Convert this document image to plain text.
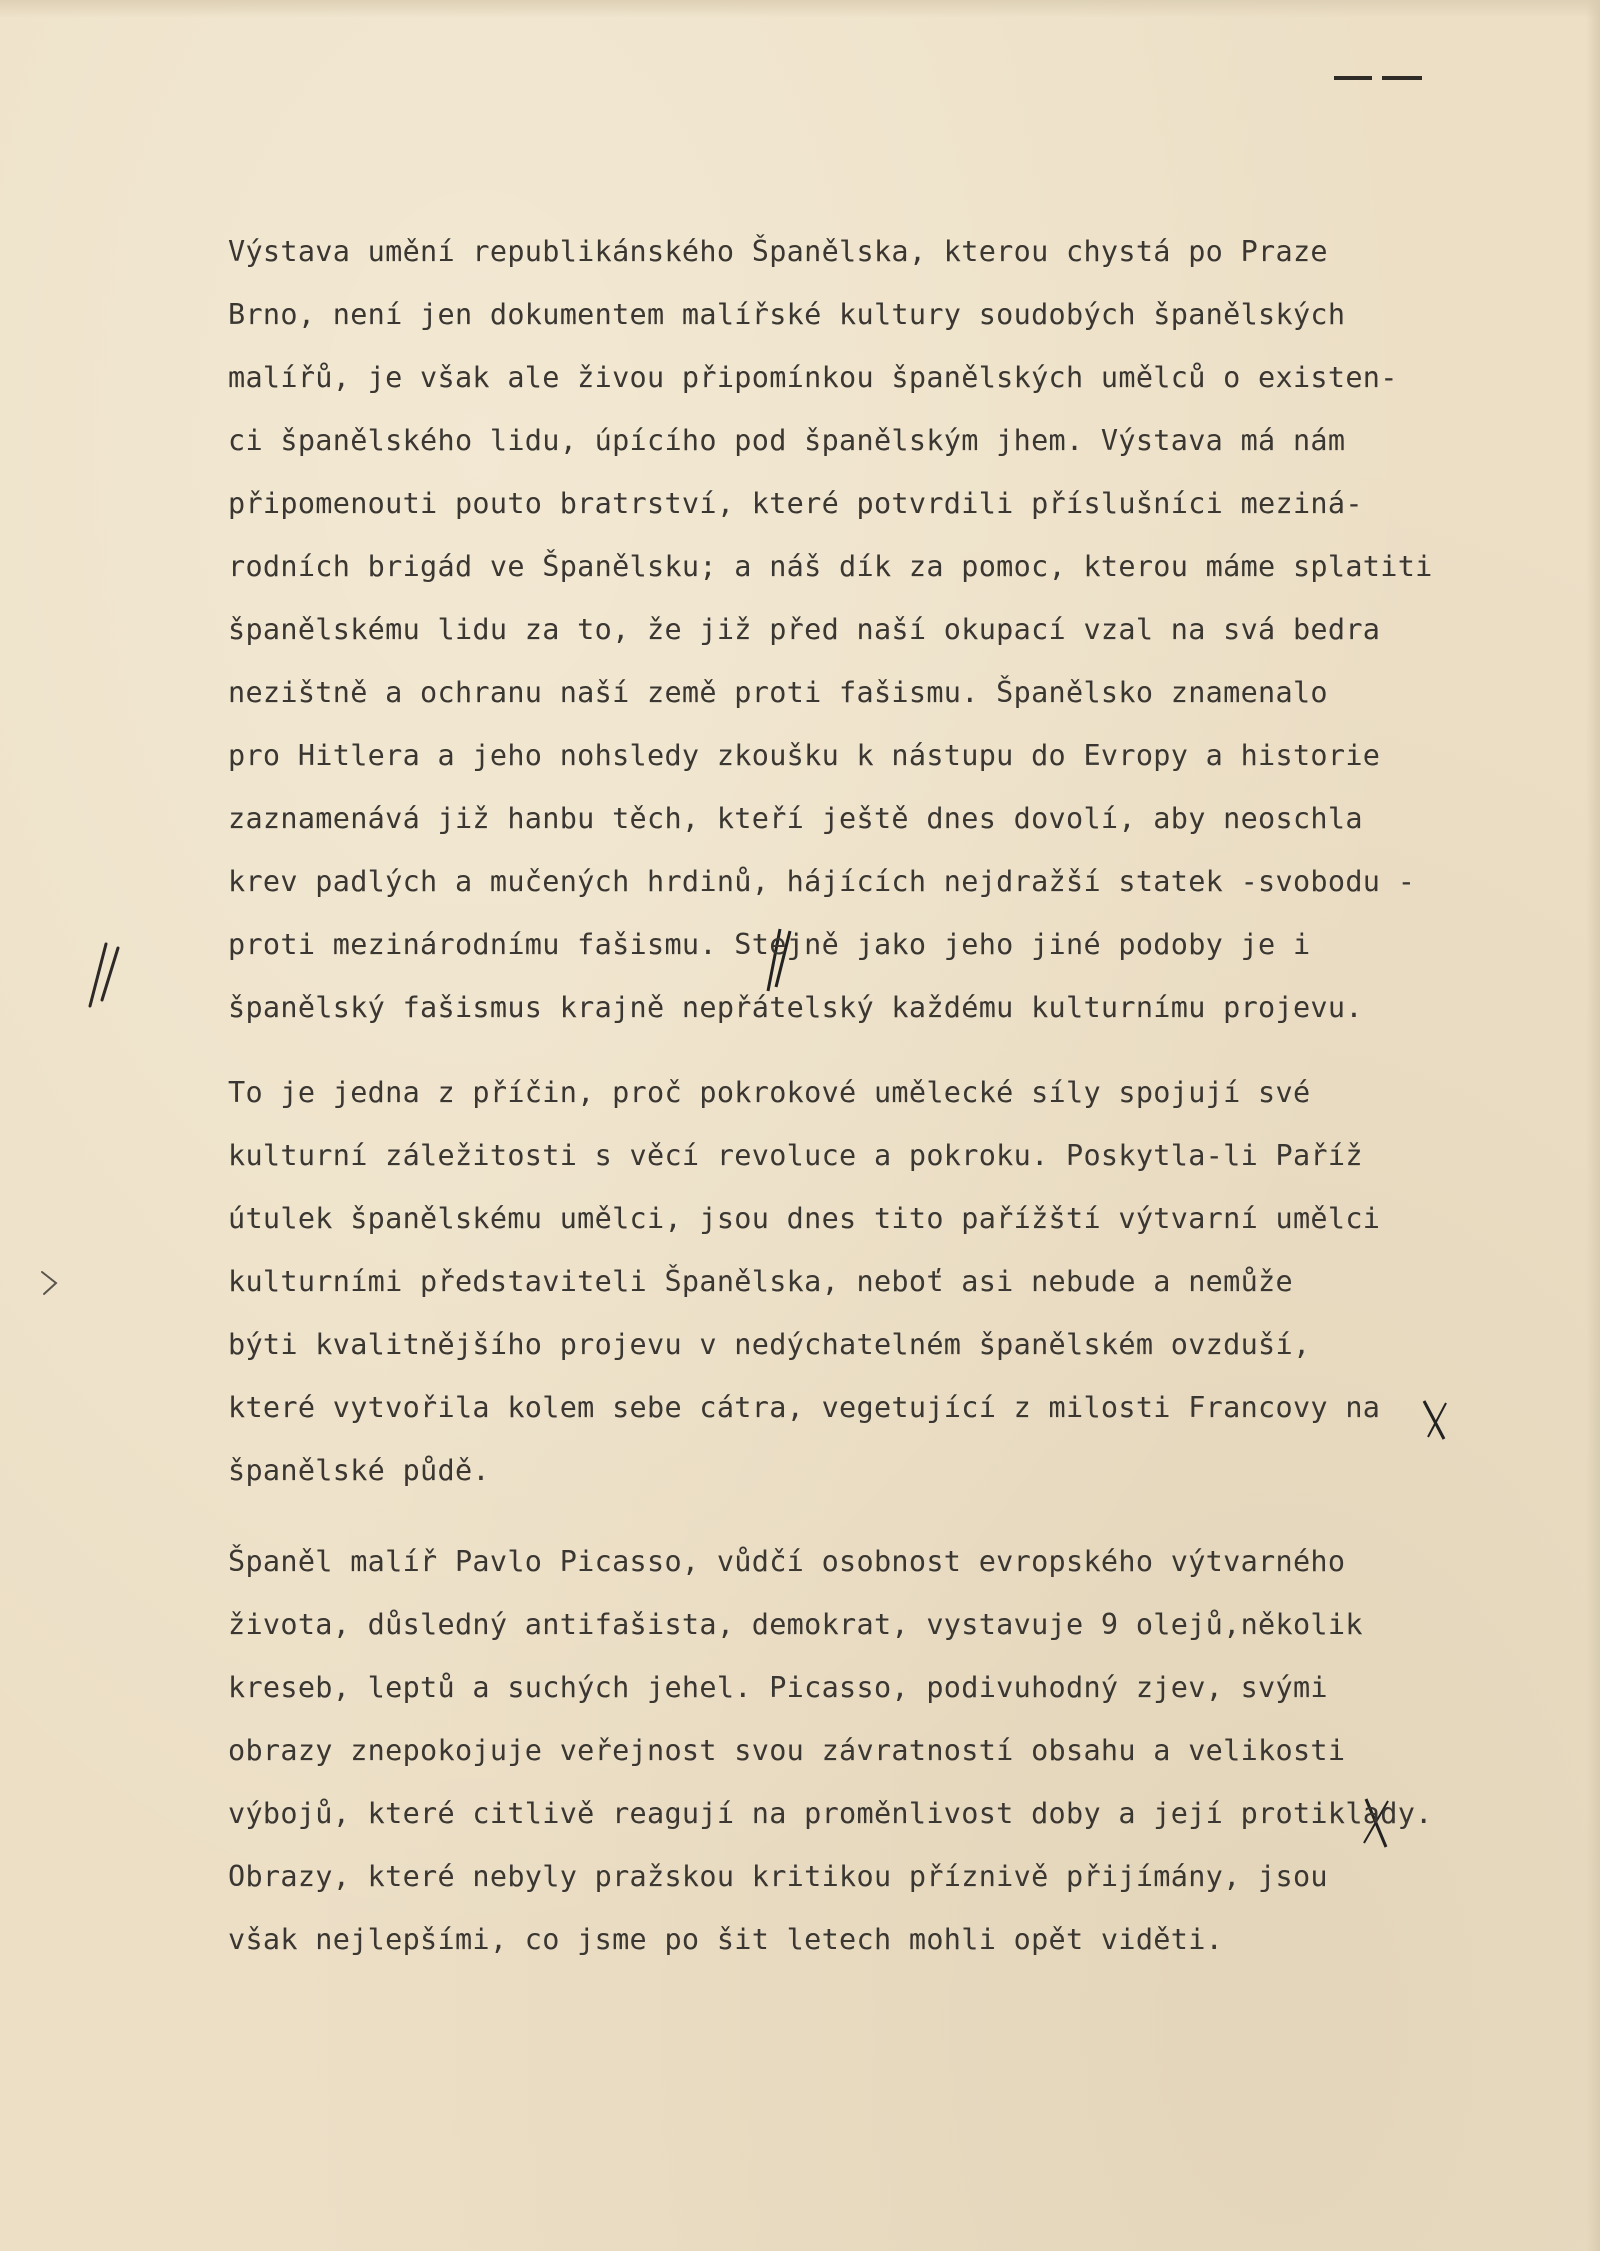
Výstava umění republikánského Španělska, kterou chystá po Praze
Brno, není jen dokumentem malířské kultury soudobých španělských
malířů, je však ale živou připomínkou španělských umělců o existen-
ci španělského lidu, úpícího pod španělským jhem. Výstava má nám
připomenouti pouto bratrství, které potvrdili příslušníci meziná-
rodních brigád ve Španělsku; a náš dík za pomoc, kterou máme splatiti
španělskému lidu za to, že již před naší okupací vzal na svá bedra
nezištně a ochranu naší země proti fašismu. Španělsko znamenalo
pro Hitlera a jeho nohsledy zkoušku k nástupu do Evropy a historie
zaznamenává již hanbu těch, kteří ještě dnes dovolí, aby neoschla
krev padlých a mučených hrdinů, hájících nejdražší statek -svobodu -
proti mezinárodnímu fašismu. Stejně jako jeho jiné podoby je i
španělský fašismus krajně nepřátelský každému kulturnímu projevu.
To je jedna z příčin, proč pokrokové umělecké síly spojují své
kulturní záležitosti s věcí revoluce a pokroku. Poskytla-li Paříž
útulek španělskému umělci, jsou dnes tito pařížští výtvarní umělci
kulturními představiteli Španělska, neboť asi nebude a nemůže
býti kvalitnějšího projevu v nedýchatelném španělském ovzduší,
které vytvořila kolem sebe cátra, vegetující z milosti Francovy na
španělské půdě.
Španěl malíř Pavlo Picasso, vůdčí osobnost evropského výtvarného
života, důsledný antifašista, demokrat, vystavuje 9 olejů,několik
kreseb, leptů a suchých jehel. Picasso, podivuhodný zjev, svými
obrazy znepokojuje veřejnost svou závratností obsahu a velikosti
výbojů, které citlivě reagují na proměnlivost doby a její protiklady.
Obrazy, které nebyly pražskou kritikou příznivě přijímány, jsou
však nejlepšími, co jsme po šit letech mohli opět viděti.
